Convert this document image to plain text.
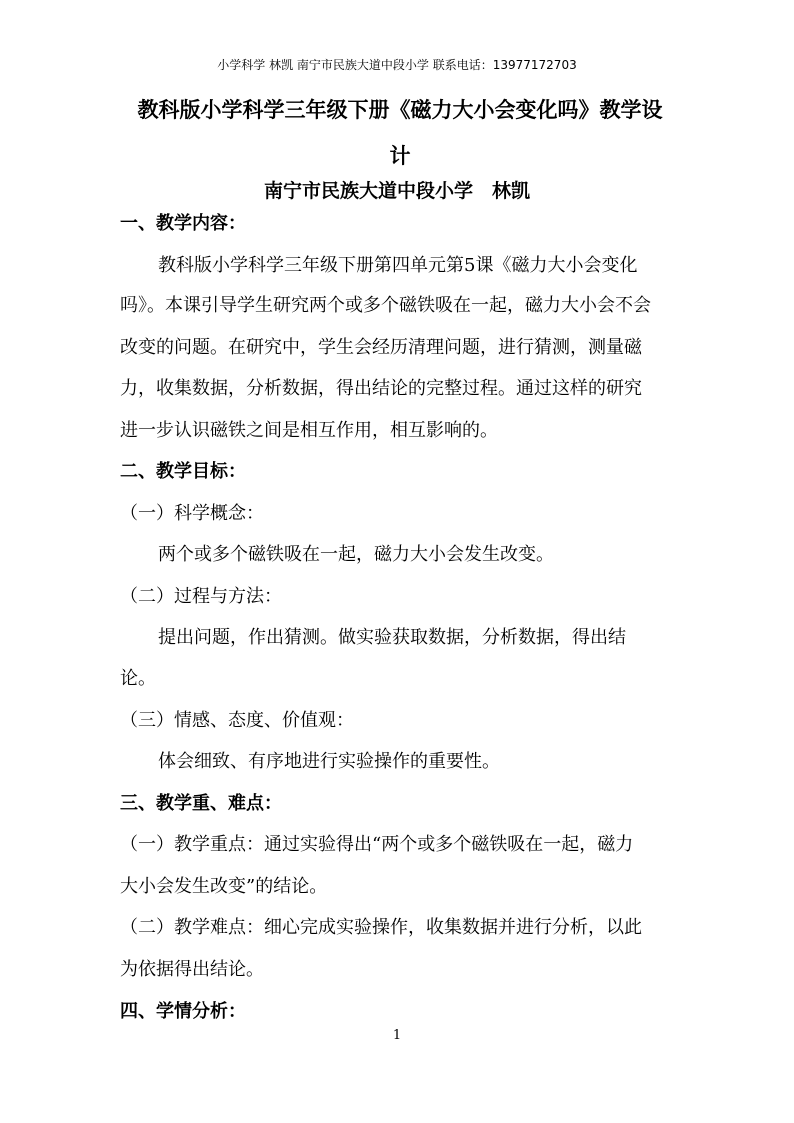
小学科学 林凯 南宁市民族大道中段小学 联系电话：13977172703
教科版小学科学三年级下册《磁力大小会变化吗》教学设
计
南宁市民族大道中段小学　林凯
一、教学内容：
教科版小学科学三年级下册第四单元第5课《磁力大小会变化
吗》。本课引导学生研究两个或多个磁铁吸在一起，磁力大小会不会
改变的问题。在研究中，学生会经历清理问题，进行猜测，测量磁
力，收集数据，分析数据，得出结论的完整过程。通过这样的研究
进一步认识磁铁之间是相互作用，相互影响的。
二、教学目标：
（一）科学概念：
两个或多个磁铁吸在一起，磁力大小会发生改变。
（二）过程与方法：
提出问题，作出猜测。做实验获取数据，分析数据，得出结
论。
（三）情感、态度、价值观：
体会细致、有序地进行实验操作的重要性。
三、教学重、难点：
（一）教学重点：通过实验得出“两个或多个磁铁吸在一起，磁力
大小会发生改变”的结论。
（二）教学难点：细心完成实验操作，收集数据并进行分析，以此
为依据得出结论。
四、学情分析：
1
